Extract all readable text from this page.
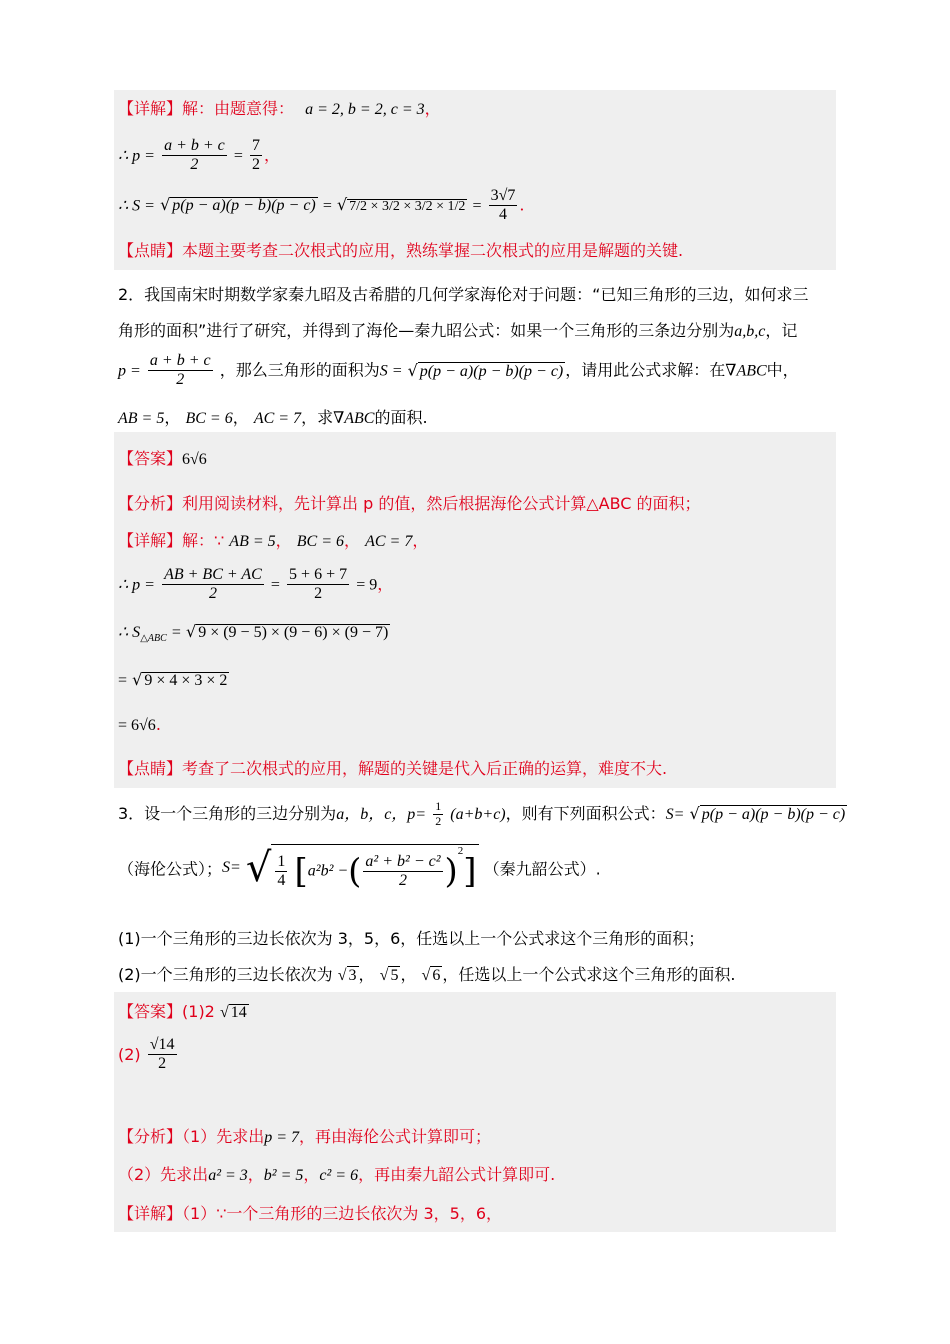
【详解】解：由题意得： a = 2, b = 2, c = 3，
∴ $p = \frac{a + b + c}{2} = \frac{7}{2}$ ，
∴ S = √ p(p − a)(p − b)(p − c) = √ $7/2 \times 3/2 \times 3/2 \times 1/2 = \frac{3√7}{4}$ .
【点睛】本题主要考查二次根式的应用，熟练掌握二次根式的应用是解题的关键.
2．我国南宋时期数学家秦九昭及古希腊的几何学家海伦对于问题：“已知三角形的三边，如何求三
角形的面积”进行了研究，并得到了海伦—秦九昭公式：如果一个三角形的三条边分别为a,b,c，记
$p = \frac{a + b + c}{2}$ ，那么三角形的面积为S = √ p(p − a)(p − b)(p − c) ，请用此公式求解：在∇ABC中，
AB = 5， BC = 6， AC = 7，求∇ABC的面积.
【答案】6√6
【分析】利用阅读材料，先计算出 p 的值，然后根据海伦公式计算△ABC 的面积；
【详解】解：∵ AB = 5， BC = 6， AC = 7，
∴ $p = \frac{AB + BC + AC}{2} = \frac{5 + 6 + 7}{2} = 9$，
∴ $S_{\triangle ABC}$ = √ 9 × (9 − 5) × (9 − 6) × (9 − 7)
= √ 9 × 4 × 3 × 2
= 6√6.
【点睛】考查了二次根式的应用，解题的关键是代入后正确的运算，难度不大.
3．设一个三角形的三边分别为a，b，c，$p= \frac{1}{2} (a+b+c)$，则有下列面积公式：S= √ p(p − a)(p − b)(p − c)
（海伦公式）；S= √ $\frac{1}{4} [a^2b^2$ −( $\frac{\text{a² + b² − c²}}{2} )^2$] （秦九韶公式）.
(1)一个三角形的三边长依次为 3，5，6，任选以上一个公式求这个三角形的面积；
(2)一个三角形的三边长依次为 √ 3 ， √ 5 ， √ 6 ，任选以上一个公式求这个三角形的面积.
【答案】(1)2 √ 14
$(2) \frac{√14}{2}$
【分析】（1）先求出p = 7，再由海伦公式计算即可；
（2）先求出a² = 3，b² = 5，c² = 6，再由秦九韶公式计算即可.
【详解】（1）∵一个三角形的三边长依次为 3，5，6，
